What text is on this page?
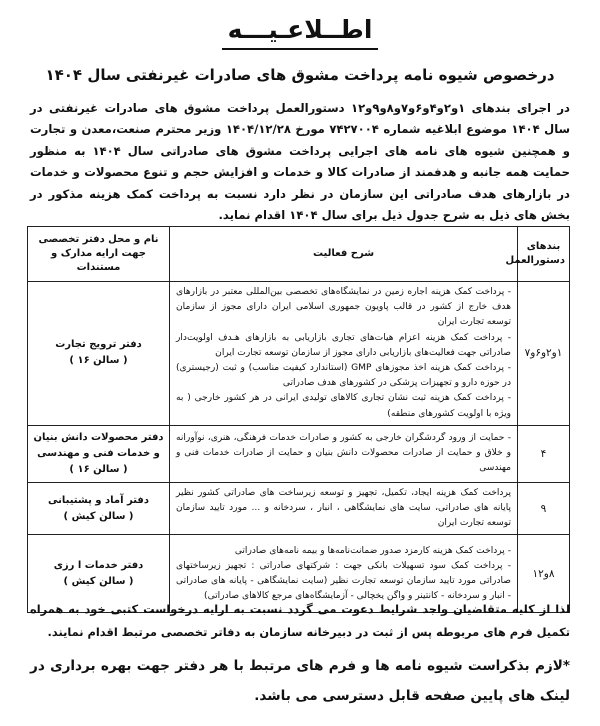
اطــلاعـیـــه
درخصوص شیوه نامه پرداخت مشوق های صادرات غیرنفتی سال ۱۴۰۴

در اجرای بندهای ۱و۲و۴و۶و۷و۸و۹و۱۲ دستورالعمل پرداخت مشوق های صادرات غیرنفتی در سال ۱۴۰۴ موضوع ابلاغیه شماره ۷۴۲۷۰۰۴ مورخ ۱۴۰۴/۱۲/۲۸ وزیر محترم صنعت،معدن و تجارت و همچنین شیوه های نامه های اجرایی پرداخت مشوق های صادراتی سال ۱۴۰۴ به منظور حمایت همه جانبه و هدفمند از صادرات کالا و خدمات و افزایش حجم و تنوع محصولات و خدمات در بازارهای هدف صادراتی این سازمان در نظر دارد نسبت به پرداخت کمک هزینه مذکور در بخش های ذیل به شرح جدول ذیل برای سال ۱۴۰۴ اقدام نماید.

بندهای دستورالعمل	شرح فعالیت	نام و محل دفتر تخصصی جهت ارایه مدارک و مستندات
۱و۲و۶و۷	- پرداخت کمک هزینه اجاره زمین در نمایشگاه‌های تخصصی بین‌المللی معتبر در بازارهای هدف خارج از کشور در قالب پاویون جمهوری اسلامی ایران دارای مجوز از سازمان توسعه تجارت ایران
- پرداخت کمک هزینه اعزام هیات‌های تجاری بازاریابی به بازارهای هـدف اولویت‌دار صادراتی جهت فعالیت‌های بازاریابی دارای مجوز از سازمان توسعه تجارت ایران
- پرداخت کمک هزینه اخذ مجوزهای GMP (استاندارد کیفیت مناسب) و ثبت (رجیستری) در حوزه دارو و تجهیزات پزشکی در کشورهای هدف صادراتی
- پرداخت کمک هزینه ثبت نشان تجاری کالاهای تولیدی ایرانی در هر کشور خارجی ( به ویژه با اولویت کشورهای منطقه)	دفتر ترویج تجارت
( سالن ۱۶ )

۴	- حمایت از ورود گردشگران خارجی به کشور و صادرات خدمات فرهنگی، هنری، نوآورانه و خلاق و حمایت از صادرات محصولات دانش بنیان و حمایت از صادرات خدمات فنی و مهندسی	دفتر محصولات دانش بنیان
و خدمات فنی و مهندسی
( سالن ۱۶ )

۹	پرداخت کمک هزینه ایجاد، تکمیل، تجهیز و توسعه زیرساخت های صادراتی کشور نظیر پایانه های صادراتی، سایت های نمایشگاهی ، انبار ، سردخانه و ... مورد تایید سازمان توسعه تجارت ایران	دفتر آماد و پشتیبانی
( سالن کیش )

۸و۱۲	- پرداخت کمک هزینه کارمزد صدور ضمانت‌نامه‌ها و بیمه نامه‌های صادراتی
- پرداخت کمک سود تسهیلات بانکی جهت : شرکتهای صادراتی : تجهیز زیرساختهای صادراتی مورد تایید سازمان توسعه تجارت نظیر (سایت نمایشگاهی - پایانه های صادراتی - انبار و سردخانه - کانتینر و واگن یخچالی - آزمایشگاه‌های مرجع کالاهای صادراتی)	دفتر خدمات ا رزی
( سالن کیش )

لذا از کلیه متقاضیان واجد شرایط دعوت می گردد نسبت به ارایه درخواست کتبی خود به همراه تکمیل فرم های مربوطه پس از ثبت در دبیرخانه سازمان به دفاتر تخصصی مرتبط اقدام نمایند.

*لازم بذکراست شیوه نامه ها و فرم های مرتبط با هر دفتر جهت بهره برداری در لینک های پایین صفحه قابل دسترسی می باشد.
